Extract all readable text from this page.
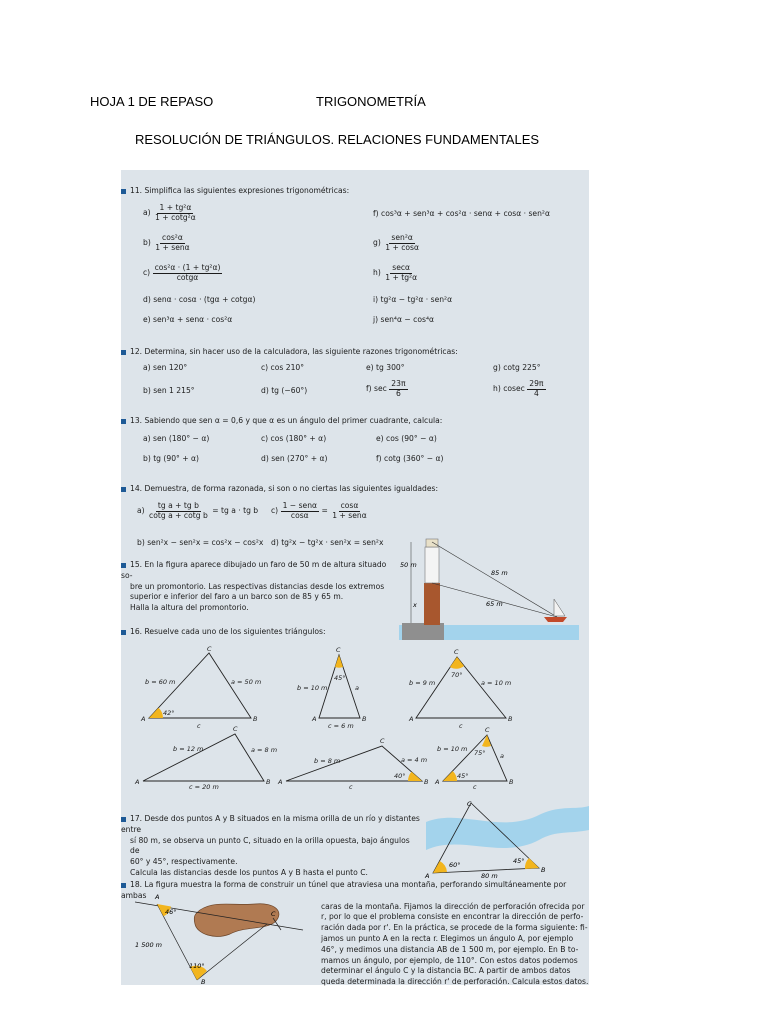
HOJA 1 DE REPASO	TRIGONOMETRÍA
RESOLUCIÓN DE TRIÁNGULOS. RELACIONES FUNDAMENTALES
11. Simplifica las siguientes expresiones trigonométricas:
$a) \frac{\text{1 + tg²α}}{\text{1 + cotg²α}}$
$b) \frac{\text{cos²α}}{\text{1 + senα}}$
$c) \frac{\text{cos²α · (1 + tg²α)}}{\cot g\alpha}$
d) senα · cosα · (tgα + cotgα)
e) sen³α + senα · cos²α
f) cos³α + sen³α + cos²α · senα + cosα · sen²α
$g) \frac{\text{sen²α}}{1 + \cos\alpha}$
$h) \frac{\sec\alpha}{\text{1 + tg²α}}$
i) tg²α − tg²α · sen²α
j) sen⁴α − cos⁴α
12. Determina, sin hacer uso de la calculadora, las siguiente razones trigonométricas:
a) sen 120°	c) cos 210°	e) tg 300°	g) cotg 225°
b) sen 1 215°	d) tg (−60°)	f) $\sec \frac{23\pi}{6}$	h) cosec $\frac{29\pi}{4}$
13. Sabiendo que sen α = 0,6 y que α es un ángulo del primer cuadrante, calcula:
a) sen (180° − α)	c) cos (180° + α)	e) cos (90° − α)
b) tg (90° + α)	d) sen (270° + α)	f) cotg (360° − α)
14. Demuestra, de forma razonada, si son o no ciertas las siguientes igualdades:
$a) \frac{\text{tg a + tg b}}{\text{cotg a + cotg b}}$ = tg a · tg b $c) \frac{\text{1 − senα}}{\cos\alpha} = \frac{\cos\alpha}{\text{1 + senα}}$
b) sen²x − sen²x = cos²x − cos²x d) tg²x − tg²x · sen²x = sen²x
15. En la figura aparece dibujado un faro de 50 m de altura situado so-
bre un promontorio. Las respectivas distancias desde los extremos
superior e inferior del faro a un barco son de 85 y 65 m.
Halla la altura del promontorio.
50 m
x
85 m
65 m
16. Resuelve cada uno de los siguientes triángulos:
C
b = 60 m	a = 50 m
A	B
42°
c
C
b = 10 m
45°
a
A	B
c = 6 m
C
b = 9 m
70°
a = 10 m
A	B
c
C
b = 12 m	a = 8 m
A	B
c = 20 m
C
b = 8 m	a = 4 m
40°
A	B
c
C
b = 10 m 75° a
45°
A	B
c
17. Desde dos puntos A y B situados en la misma orilla de un río y distantes entre
sí 80 m, se observa un punto C, situado en la orilla opuesta, bajo ángulos de
60° y 45°, respectivamente.
Calcula las distancias desde los puntos A y B hasta el punto C.
C
A
B
60°	45°
80 m
18. La figura muestra la forma de construir un túnel que atraviesa una montaña, perforando simultáneamente por ambas
caras de la montaña. Fijamos la dirección de perforación ofrecida por
r, por lo que el problema consiste en encontrar la dirección de perfo-
ración dada por r'. En la práctica, se procede de la forma siguiente: fi-
jamos un punto A en la recta r. Elegimos un ángulo A, por ejemplo
46°, y medimos una distancia AB de 1 500 m, por ejemplo. En B to-
mamos un ángulo, por ejemplo, de 110°. Con estos datos podemos
determinar el ángulo C y la distancia BC. A partir de ambos datos
queda determinada la dirección r' de perforación. Calcula estos datos.
A
C
B
46°
110°
1 500 m
